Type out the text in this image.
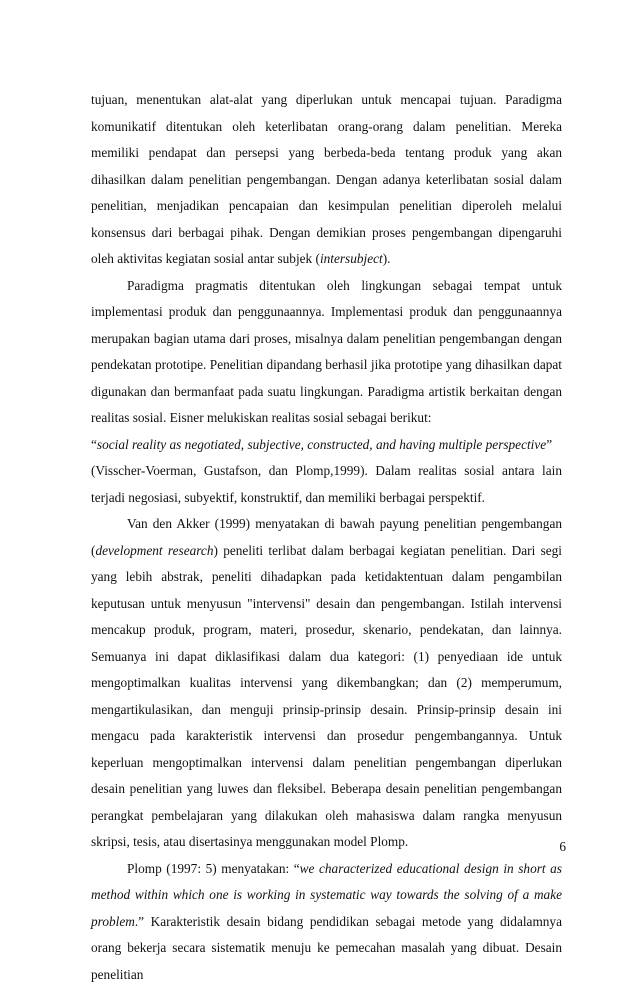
tujuan, menentukan alat-alat yang diperlukan untuk mencapai tujuan. Paradigma komunikatif ditentukan oleh keterlibatan orang-orang dalam penelitian. Mereka memiliki pendapat dan persepsi yang berbeda-beda tentang produk yang akan dihasilkan dalam penelitian pengembangan. Dengan adanya keterlibatan sosial dalam penelitian, menjadikan pencapaian dan kesimpulan penelitian diperoleh melalui konsensus dari berbagai pihak. Dengan demikian proses pengembangan dipengaruhi oleh aktivitas kegiatan sosial antar subjek (intersubject).

Paradigma pragmatis ditentukan oleh lingkungan sebagai tempat untuk implementasi produk dan penggunaannya. Implementasi produk dan penggunaannya merupakan bagian utama dari proses, misalnya dalam penelitian pengembangan dengan pendekatan prototipe. Penelitian dipandang berhasil jika prototipe yang dihasilkan dapat digunakan dan bermanfaat pada suatu lingkungan. Paradigma artistik berkaitan dengan realitas sosial. Eisner melukiskan realitas sosial sebagai berikut:

“social reality as negotiated, subjective, constructed, and having multiple perspective”

(Visscher-Voerman, Gustafson, dan Plomp,1999). Dalam realitas sosial antara lain terjadi negosiasi, subyektif, konstruktif, dan memiliki berbagai perspektif.

Van den Akker (1999) menyatakan di bawah payung penelitian pengembangan (development research) peneliti terlibat dalam berbagai kegiatan penelitian. Dari segi yang lebih abstrak, peneliti dihadapkan pada ketidaktentuan dalam pengambilan keputusan untuk menyusun "intervensi" desain dan pengembangan. Istilah intervensi mencakup produk, program, materi, prosedur, skenario, pendekatan, dan lainnya. Semuanya ini dapat diklasifikasi dalam dua kategori: (1) penyediaan ide untuk mengoptimalkan kualitas intervensi yang dikembangkan; dan (2) memperumum, mengartikulasikan, dan menguji prinsip-prinsip desain. Prinsip-prinsip desain ini mengacu pada karakteristik intervensi dan prosedur pengembangannya. Untuk keperluan mengoptimalkan intervensi dalam penelitian pengembangan diperlukan desain penelitian yang luwes dan fleksibel. Beberapa desain penelitian pengembangan perangkat pembelajaran yang dilakukan oleh mahasiswa dalam rangka menyusun skripsi, tesis, atau disertasinya menggunakan model Plomp.

Plomp (1997: 5) menyatakan: “we characterized educational design in short as method within which one is working in systematic way towards the solving of a make problem.” Karakteristik desain bidang pendidikan sebagai metode yang didalamnya orang bekerja secara sistematik menuju ke pemecahan masalah yang dibuat. Desain penelitian

6
